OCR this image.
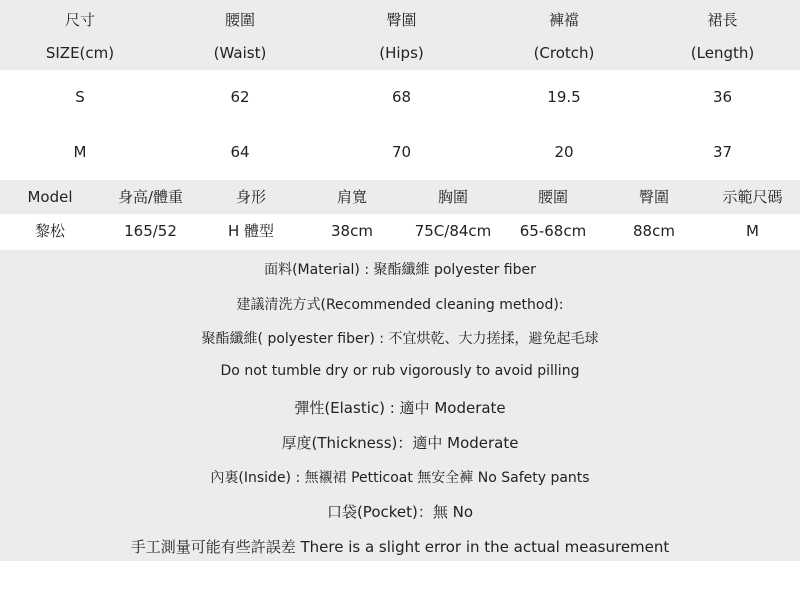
尺寸	腰圍	臀圍	褲襠	裙長
SIZE(cm)	(Waist)	(Hips)	(Crotch)	(Length)
S	62	68	19.5	36
M	64	70	20	37
Model	身高/體重	身形	肩寬	胸圍	腰圍	臀圍	示範尺碼
黎松	165/52	H 體型	38cm	75C/84cm	65-68cm	88cm	M
面料(Material) : 聚酯纖維 polyester fiber
建議清洗方式(Recommended cleaning method):
聚酯纖維( polyester fiber) : 不宜烘乾、大力搓揉，避免起毛球
Do not tumble dry or rub vigorously to avoid pilling
彈性(Elastic) : 適中 Moderate
厚度(Thickness)：適中 Moderate
內裏(Inside) : 無襯裙 Petticoat 無安全褲 No Safety pants
口袋(Pocket)：無 No
手工測量可能有些許誤差 There is a slight error in the actual measurement
